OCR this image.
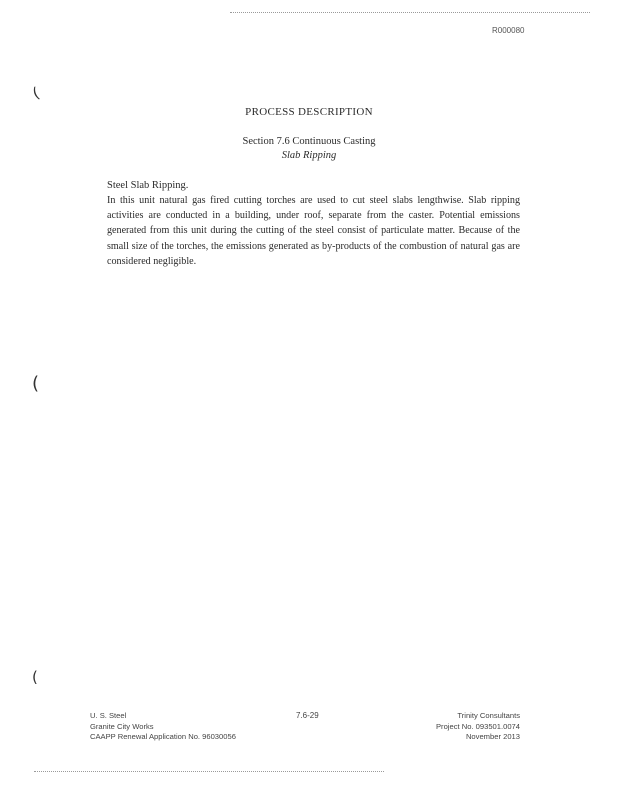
R000080
(
(
(
PROCESS DESCRIPTION
Section 7.6 Continuous Casting
Slab Ripping
Steel Slab Ripping.

In this unit natural gas fired cutting torches are used to cut steel slabs lengthwise. Slab ripping activities are conducted in a building, under roof, separate from the caster. Potential emissions generated from this unit during the cutting of the steel consist of particulate matter. Because of the small size of the torches, the emissions generated as by-products of the combustion of natural gas are considered negligible.

U. S. Steel
Granite City Works
CAAPP Renewal Application No. 96030056
7.6-29	Trinity Consultants
Project No. 093501.0074
November 2013
